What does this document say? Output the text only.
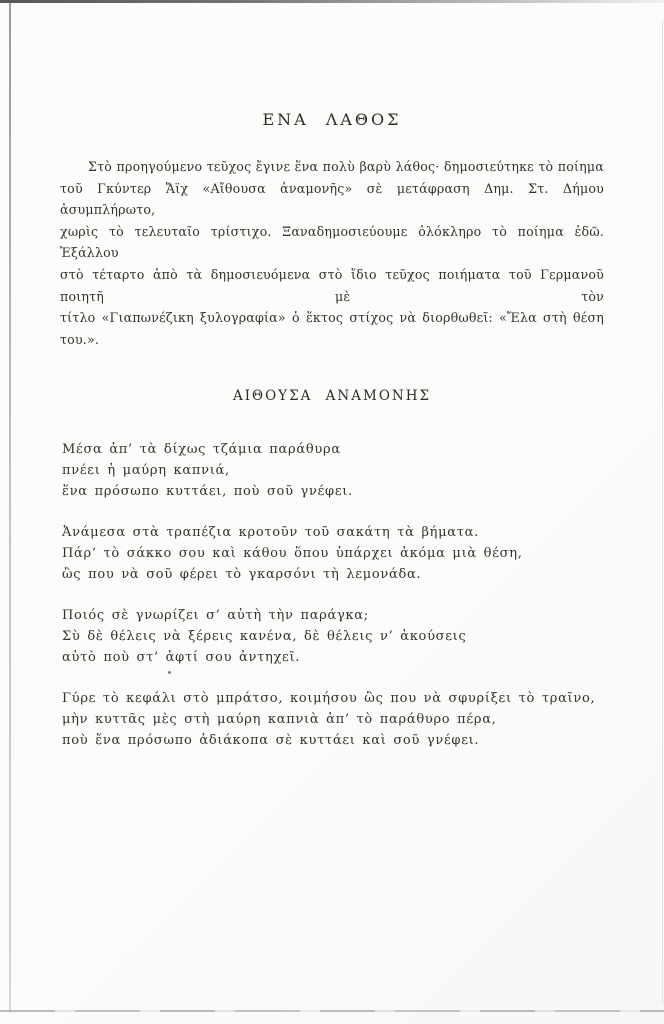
ΕΝΑ ΛΑΘΟΣ
Στὸ προηγούμενο τεῦχος ἔγινε ἕνα πολὺ βαρὺ λάθος· δημοσιεύτηκε τὸ ποίημα
τοῦ Γκύντερ Ἄϊχ «Αἴθουσα ἀναμονῆς» σὲ μετάφραση Δημ. Στ. Δήμου ἀσυμπλήρωτο,
χωρὶς τὸ τελευταῖο τρίστιχο. Ξαναδημοσιεύουμε ὁλόκληρο τὸ ποίημα ἐδῶ. Ἐξάλλου
στὸ τέταρτο ἀπὸ τὰ δημοσιευόμενα στὸ ἴδιο τεῦχος ποιήματα τοῦ Γερμανοῦ ποιητῆ μὲ τὸν
τίτλο «Γιαπωνέζικη ξυλογραφία» ὁ ἕκτος στίχος νὰ διορθωθεῖ: «Ἔλα στὴ θέση του.».
ΑΙΘΟΥΣΑ ΑΝΑΜΟΝΗΣ
Μέσα ἀπ’ τὰ δίχως τζάμια παράθυρα
πνέει ἡ μαύρη καπνιά,
ἕνα πρόσωπο κυττάει, ποὺ σοῦ γνέφει.
Ἀνάμεσα στὰ τραπέζια κροτοῦν τοῦ σακάτη τὰ βήματα.
Πάρ’ τὸ σάκκο σου καὶ κάθου ὅπου ὑπάρχει ἀκόμα μιὰ θέση,
ὣς που νὰ σοῦ φέρει τὸ γκαρσόνι τὴ λεμονάδα.
Ποιός σὲ γνωρίζει σ’ αὐτὴ τὴν παράγκα;
Σὺ δὲ θέλεις νὰ ξέρεις κανένα, δὲ θέλεις ν’ ἀκούσεις
αὐτὸ ποὺ στ’ ἀφτί σου ἀντηχεῖ.
Γύρε τὸ κεφάλι στὸ μπράτσο, κοιμήσου ὣς που νὰ σφυρίξει τὸ τραῖνο,
μὴν κυττᾶς μὲς στὴ μαύρη καπνιὰ ἀπ’ τὸ παράθυρο πέρα,
ποὺ ἕνα πρόσωπο ἀδιάκοπα σὲ κυττάει καὶ σοῦ γνέφει.
